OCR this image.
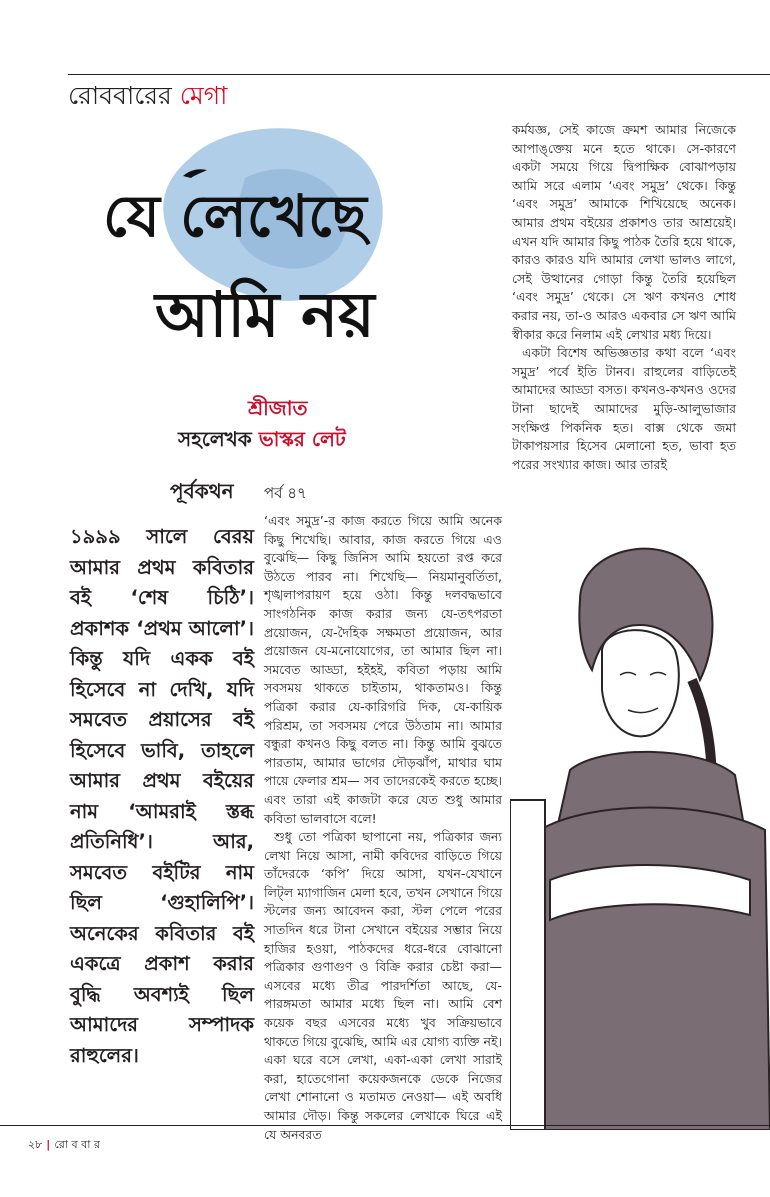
রোববারের মেগা
যে লেখেছে
আমি নয়
শ্রীজাত
সহলেখক ভাস্কর লেট
পূর্বকথন পর্ব ৪৭
১৯৯৯ সালে বেরয় আমার প্রথম কবিতার বই ‘শেষ চিঠি’। প্রকাশক ‘প্রথম আলো’। কিন্তু যদি একক বই হিসেবে না দেখি, যদি সমবেত প্রয়াসের বই হিসেবে ভাবি, তাহলে আমার প্রথম বইয়ের নাম ‘আমরাই স্তব্ধ প্রতিনিধি’। আর, সমবেত বইটির নাম ছিল ‘গুহালিপি’। অনেকের কবিতার বই একত্রে প্রকাশ করার বুদ্ধি অবশ্যই ছিল আমাদের সম্পাদক রাহুলের।

‘এবং সমুদ্র’-র কাজ করতে গিয়ে আমি অনেক কিছু শিখেছি। আবার, কাজ করতে গিয়ে এও বুঝেছি— কিছু জিনিস আমি হয়তো রপ্ত করে উঠতে পারব না। শিখেছি— নিয়মানুবর্তিতা, শৃঙ্খলাপরায়ণ হয়ে ওঠা। কিন্তু দলবদ্ধভাবে সাংগঠনিক কাজ করার জন্য যে-তৎপরতা প্রয়োজন, যে-দৈহিক সক্ষমতা প্রয়োজন, আর প্রয়োজন যে-মনোযোগের, তা আমার ছিল না। সমবেত আড্ডা, হইহই, কবিতা পড়ায় আমি সবসময় থাকতে চাইতাম, থাকতামও। কিন্তু পত্রিকা করার যে-কারিগরি দিক, যে-কায়িক পরিশ্রম, তা সবসময় পেরে উঠতাম না। আমার বন্ধুরা কখনও কিছু বলত না। কিন্তু আমি বুঝতে পারতাম, আমার ভাগের দৌড়ঝাঁপ, মাথার ঘাম পায়ে ফেলার শ্রম— সব তাদেরকেই করতে হচ্ছে। এবং তারা এই কাজটা করে যেত শুধু আমার কবিতা ভালবাসে বলে!

শুধু তো পত্রিকা ছাপানো নয়, পত্রিকার জন্য লেখা নিয়ে আসা, নামী কবিদের বাড়িতে গিয়ে তাঁদেরকে ‘কপি’ দিয়ে আসা, যখন-যেখানে লিট্‌ল ম্যাগাজিন মেলা হবে, তখন সেখানে গিয়ে স্টলের জন্য আবেদন করা, স্টল পেলে পরের সাতদিন ধরে টানা সেখানে বইয়ের সম্ভার নিয়ে হাজির হওয়া, পাঠকদের ধরে-ধরে বোঝানো পত্রিকার গুণাগুণ ও বিক্রি করার চেষ্টা করা— এসবের মধ্যে তীব্র পারদর্শিতা আছে, যে-পারঙ্গমতা আমার মধ্যে ছিল না। আমি বেশ কয়েক বছর এসবের মধ্যে খুব সক্রিয়ভাবে থাকতে গিয়ে বুঝেছি, আমি এর যোগ্য ব্যক্তি নই। একা ঘরে বসে লেখা, একা-একা লেখা সারাই করা, হাতেগোনা কয়েকজনকে ডেকে নিজের লেখা শোনানো ও মতামত নেওয়া— এই অবধি আমার দৌড়। কিন্তু সকলের লেখাকে ঘিরে এই যে অনবরত

কর্মযজ্ঞ, সেই কাজে ক্রমশ আমার নিজেকে আপাঙ্‌ক্তেয় মনে হতে থাকে। সে-কারণে একটা সময়ে গিয়ে দ্বিপাক্ষিক বোঝাপড়ায় আমি সরে এলাম ‘এবং সমুদ্র’ থেকে। কিন্তু ‘এবং সমুদ্র’ আমাকে শিখিয়েছে অনেক। আমার প্রথম বইয়ের প্রকাশও তার আশ্রয়েই। এখন যদি আমার কিছু পাঠক তৈরি হয়ে থাকে, কারও কারও যদি আমার লেখা ভালও লাগে, সেই উত্থানের গোড়া কিন্তু তৈরি হয়েছিল ‘এবং সমুদ্র’ থেকে। সে ঋণ কখনও শোধ করার নয়, তা-ও আরও একবার সে ঋণ আমি স্বীকার করে নিলাম এই লেখার মধ্য দিয়ে।

একটা বিশেষ অভিজ্ঞতার কথা বলে ‘এবং সমুদ্র’ পর্বে ইতি টানব। রাহুলের বাড়িতেই আমাদের আড্ডা বসত। কখনও-কখনও ওদের টানা ছাদেই আমাদের মুড়ি-আলুভাজার সংক্ষিপ্ত পিকনিক হত। বাক্স থেকে জমা টাকাপয়সার হিসেব মেলানো হত, ভাবা হত পরের সংখ্যার কাজ। আর তারই

২৮ | রো ব বা র
